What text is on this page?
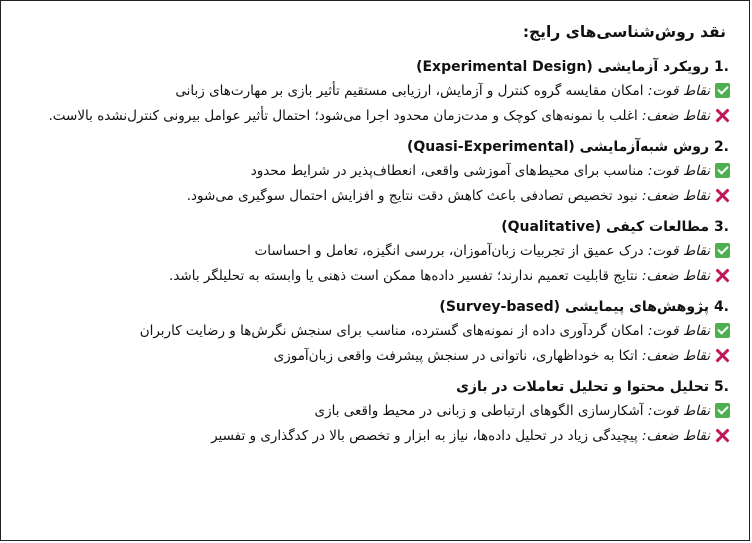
نقد روش‌شناسی‌های رایج:
1. رویکرد آزمایشی (Experimental Design)
نقاط قوت: امکان مقایسه گروه کنترل و آزمایش، ارزیابی مستقیم تأثیر بازی بر مهارت‌های زبانی
نقاط ضعف: اغلب با نمونه‌های کوچک و مدت‌زمان محدود اجرا می‌شود؛ احتمال تأثیر عوامل بیرونی کنترل‌نشده بالاست.
2. روش شبه‌آزمایشی (Quasi-Experimental)
نقاط قوت: مناسب برای محیط‌های آموزشی واقعی، انعطاف‌پذیر در شرایط محدود
نقاط ضعف: نبود تخصیص تصادفی باعث کاهش دقت نتایج و افزایش احتمال سوگیری می‌شود.
3. مطالعات کیفی (Qualitative)
نقاط قوت: درک عمیق از تجربیات زبان‌آموزان، بررسی انگیزه، تعامل و احساسات
نقاط ضعف: نتایج قابلیت تعمیم ندارند؛ تفسیر داده‌ها ممکن است ذهنی یا وابسته به تحلیلگر باشد.
4. پژوهش‌های پیمایشی (Survey-based)
نقاط قوت: امکان گردآوری داده از نمونه‌های گسترده، مناسب برای سنجش نگرش‌ها و رضایت کاربران
نقاط ضعف: اتکا به خوداظهاری، ناتوانی در سنجش پیشرفت واقعی زبان‌آموزی
5. تحلیل محتوا و تحلیل تعاملات در بازی
نقاط قوت: آشکارسازی الگوهای ارتباطی و زبانی در محیط واقعی بازی
نقاط ضعف: پیچیدگی زیاد در تحلیل داده‌ها، نیاز به ابزار و تخصص بالا در کدگذاری و تفسیر
